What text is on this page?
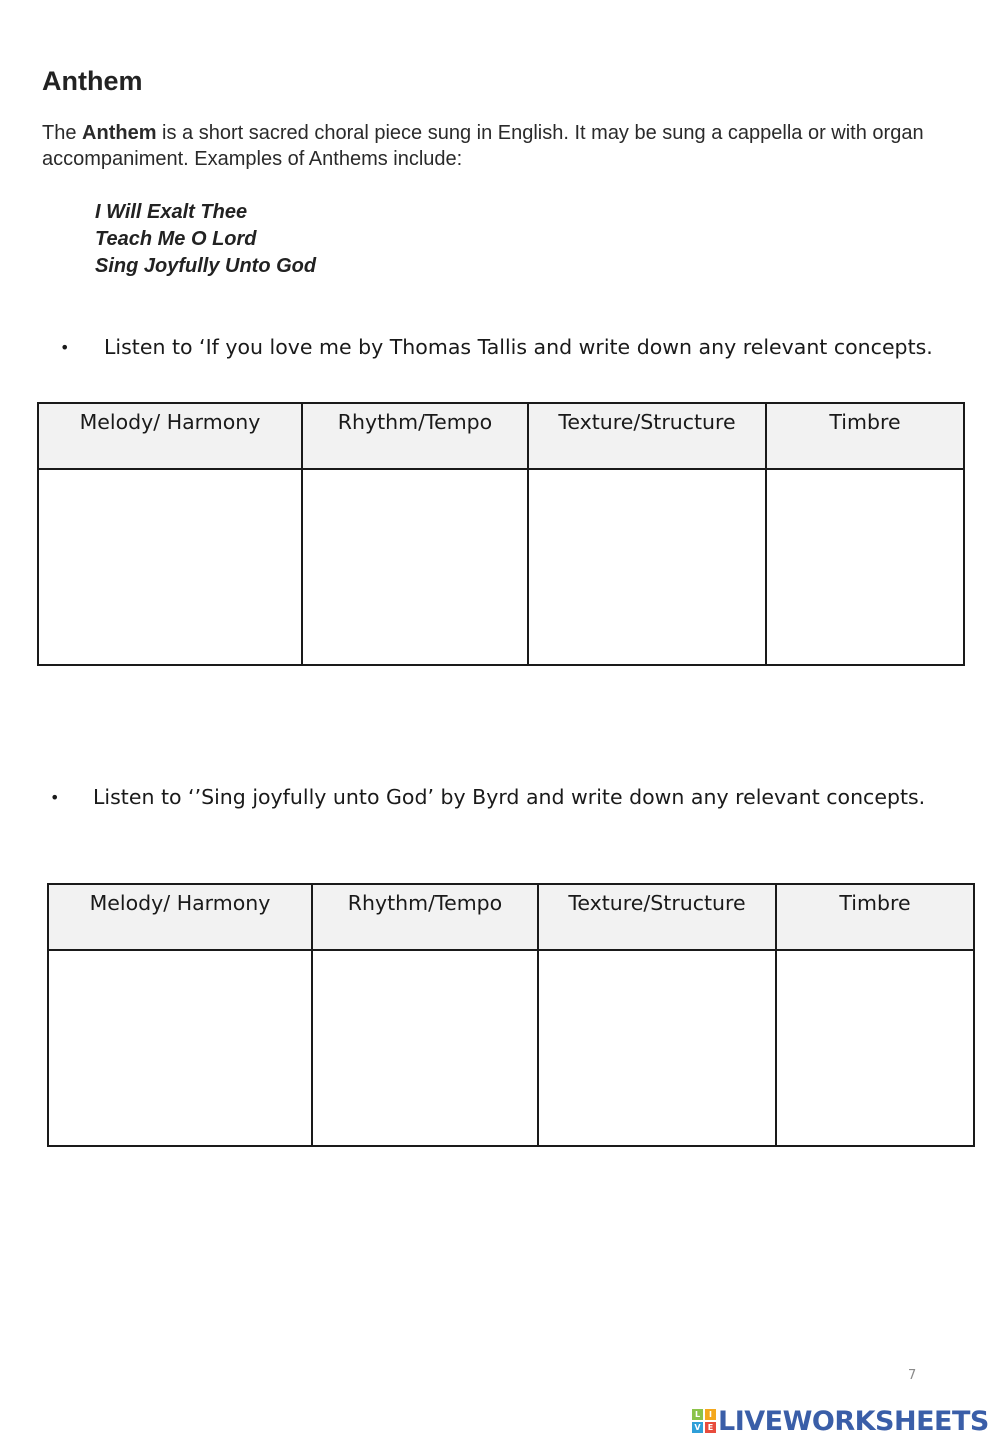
Anthem

The Anthem is a short sacred choral piece sung in English. It may be sung a cappella or with organ accompaniment. Examples of Anthems include:

I Will Exalt Thee
Teach Me O Lord
Sing Joyfully Unto God
• Listen to ‘If you love me by Thomas Tallis and write down any relevant concepts.

Melody/ Harmony	Rhythm/Tempo	Texture/Structure	Timbre

• Listen to ‘’Sing joyfully unto God’ by Byrd and write down any relevant concepts.

Melody/ Harmony	Rhythm/Tempo	Texture/Structure	Timbre

7
L	I
V E LIVEWORKSHEETS
